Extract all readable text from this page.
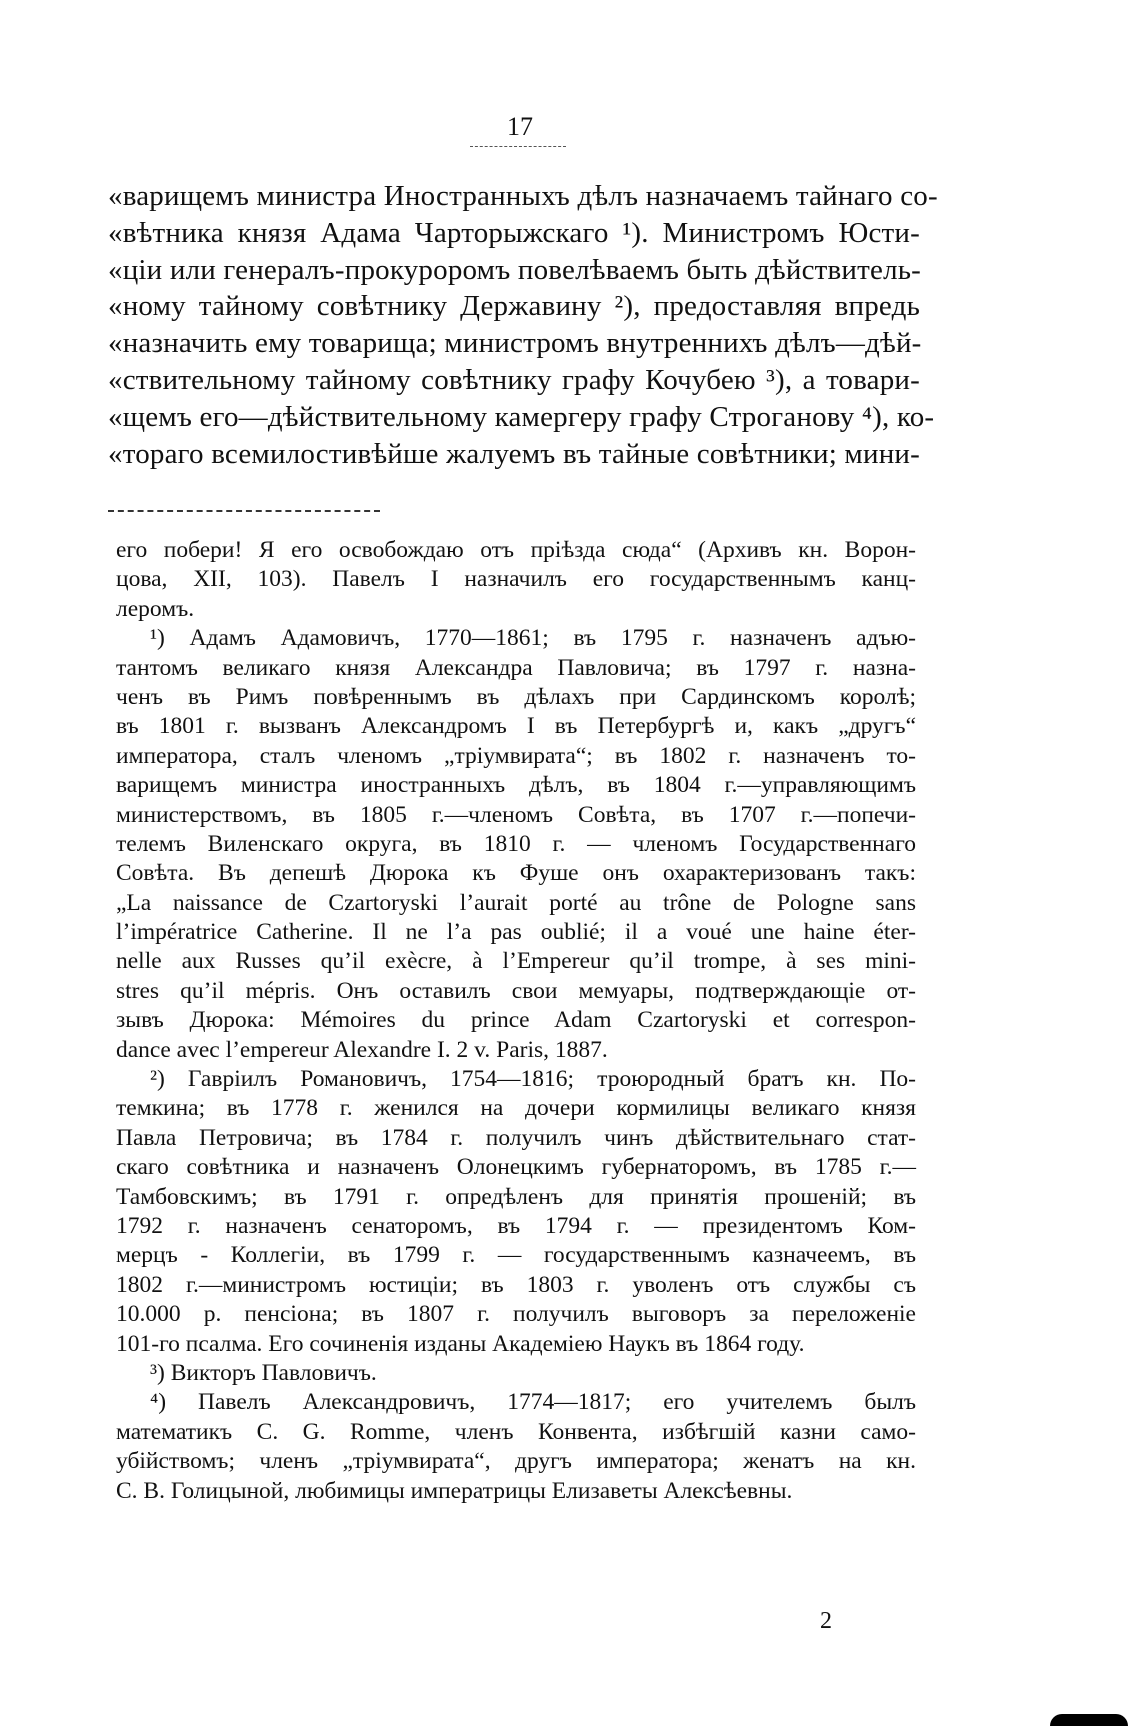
17
«варищемъ министра Иностранныхъ дѣлъ назначаемъ тайнаго со-
«вѣтника князя Адама Чарторыжскаго ¹). Министромъ Юсти-
«ціи или генералъ-прокуроромъ повелѣваемъ быть дѣйствитель-
«ному тайному совѣтнику Державину ²), предоставляя впредь
«назначить ему товарища; министромъ внутреннихъ дѣлъ—дѣй-
«ствительному тайному совѣтнику графу Кочубею ³), а товари-
«щемъ его—дѣйствительному камергеру графу Строганову ⁴), ко-
«тораго всемилостивѣйше жалуемъ въ тайные совѣтники; мини-
его побери! Я его освобождаю отъ пріѣзда сюда“ (Архивъ кн. Ворон-
цова, XII, 103). Павелъ I назначилъ его государственнымъ канц-
леромъ.
¹) Адамъ Адамовичъ, 1770—1861; въ 1795 г. назначенъ адъю-
тантомъ великаго князя Александра Павловича; въ 1797 г. назна-
ченъ въ Римъ повѣреннымъ въ дѣлахъ при Сардинскомъ королѣ;
въ 1801 г. вызванъ Александромъ I въ Петербургѣ и, какъ „другъ“
императора, сталъ членомъ „тріумвирата“; въ 1802 г. назначенъ то-
варищемъ министра иностранныхъ дѣлъ, въ 1804 г.—управляющимъ
министерствомъ, въ 1805 г.—членомъ Совѣта, въ 1707 г.—попечи-
телемъ Виленскаго округа, въ 1810 г. — членомъ Государственнаго
Совѣта. Въ депешѣ Дюрока къ Фуше онъ охарактеризованъ такъ:
„La naissance de Czartoryski l’aurait porté au trône de Pologne sans
l’impératrice Catherine. Il ne l’a pas oublié; il a voué une haine éter-
nelle aux Russes qu’il exècre, à l’Empereur qu’il trompe, à ses mini-
stres qu’il mépris. Онъ оставилъ свои мемуары, подтверждающіе от-
зывъ Дюрока: Mémoires du prince Adam Czartoryski et correspon-
dance avec l’empereur Alexandre I. 2 v. Paris, 1887.
²) Гавріилъ Романовичъ, 1754—1816; троюродный братъ кн. По-
темкина; въ 1778 г. женился на дочери кормилицы великаго князя
Павла Петровича; въ 1784 г. получилъ чинъ дѣйствительнаго стат-
скаго совѣтника и назначенъ Олонецкимъ губернаторомъ, въ 1785 г.—
Тамбовскимъ; въ 1791 г. опредѣленъ для принятія прошеній; въ
1792 г. назначенъ сенаторомъ, въ 1794 г. — президентомъ Ком-
мерцъ - Коллегіи, въ 1799 г. — государственнымъ казначеемъ, въ
1802 г.—министромъ юстиціи; въ 1803 г. уволенъ отъ службы съ
10.000 р. пенсіона; въ 1807 г. получилъ выговоръ за переложеніе
101-го псалма. Его сочиненія изданы Академіею Наукъ въ 1864 году.
³) Викторъ Павловичъ.
⁴) Павелъ Александровичъ, 1774—1817; его учителемъ былъ
математикъ C. G. Romme, членъ Конвента, избѣгшій казни само-
убійствомъ; членъ „тріумвирата“, другъ императора; женатъ на кн.
С. В. Голицыной, любимицы императрицы Елизаветы Алексѣевны.
2
